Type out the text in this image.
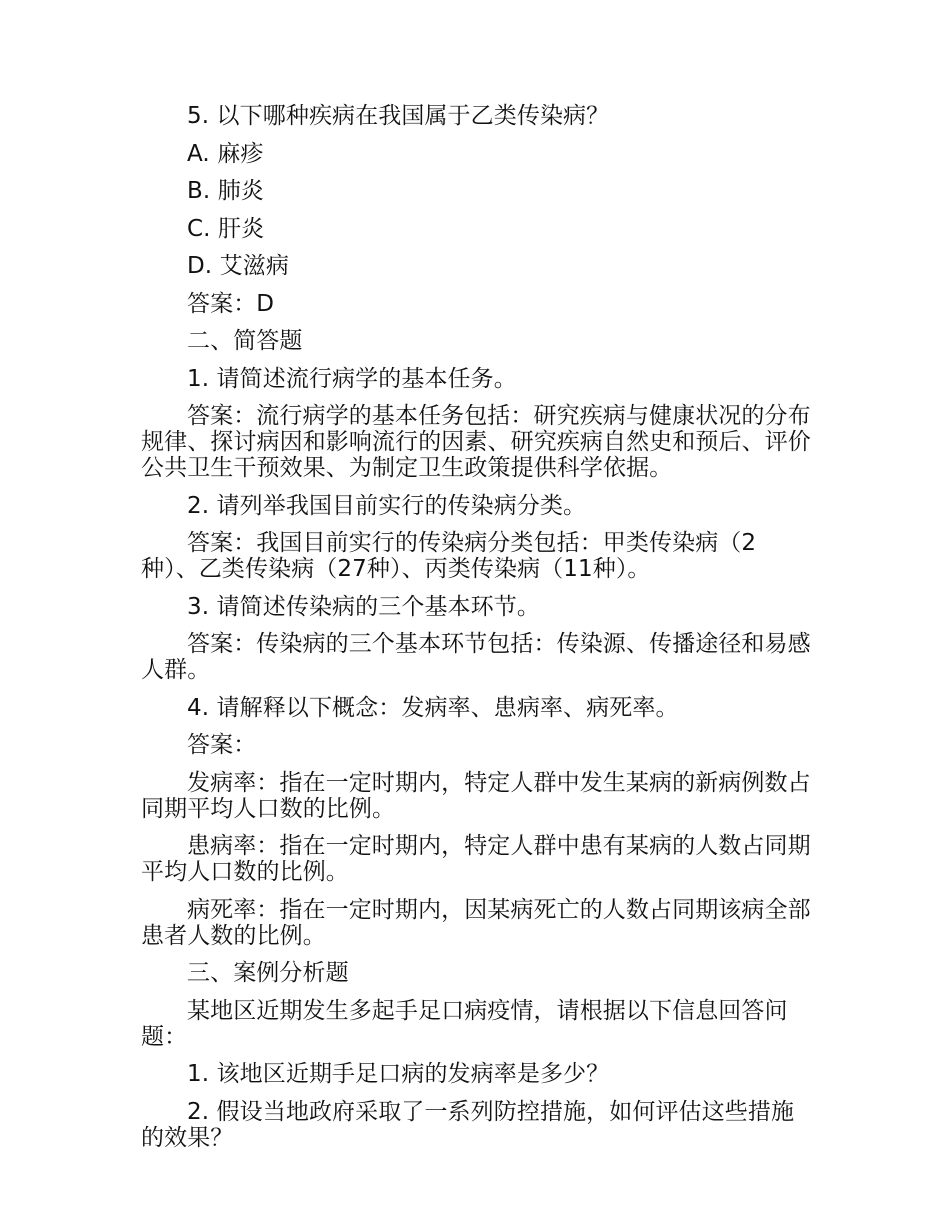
5. 以下哪种疾病在我国属于乙类传染病？

A. 麻疹

B. 肺炎

C. 肝炎

D. 艾滋病

答案：D

二、简答题

1. 请简述流行病学的基本任务。

答案：流行病学的基本任务包括：研究疾病与健康状况的分布规律、探讨病因和影响流行的因素、研究疾病自然史和预后、评价公共卫生干预效果、为制定卫生政策提供科学依据。

2. 请列举我国目前实行的传染病分类。

答案：我国目前实行的传染病分类包括：甲类传染病（2种）、乙类传染病（27种）、丙类传染病（11种）。

3. 请简述传染病的三个基本环节。

答案：传染病的三个基本环节包括：传染源、传播途径和易感人群。

4. 请解释以下概念：发病率、患病率、病死率。

答案：

发病率：指在一定时期内，特定人群中发生某病的新病例数占同期平均人口数的比例。

患病率：指在一定时期内，特定人群中患有某病的人数占同期平均人口数的比例。

病死率：指在一定时期内，因某病死亡的人数占同期该病全部患者人数的比例。

三、案例分析题

某地区近期发生多起手足口病疫情，请根据以下信息回答问题：

1. 该地区近期手足口病的发病率是多少？

2. 假设当地政府采取了一系列防控措施，如何评估这些措施的效果？
